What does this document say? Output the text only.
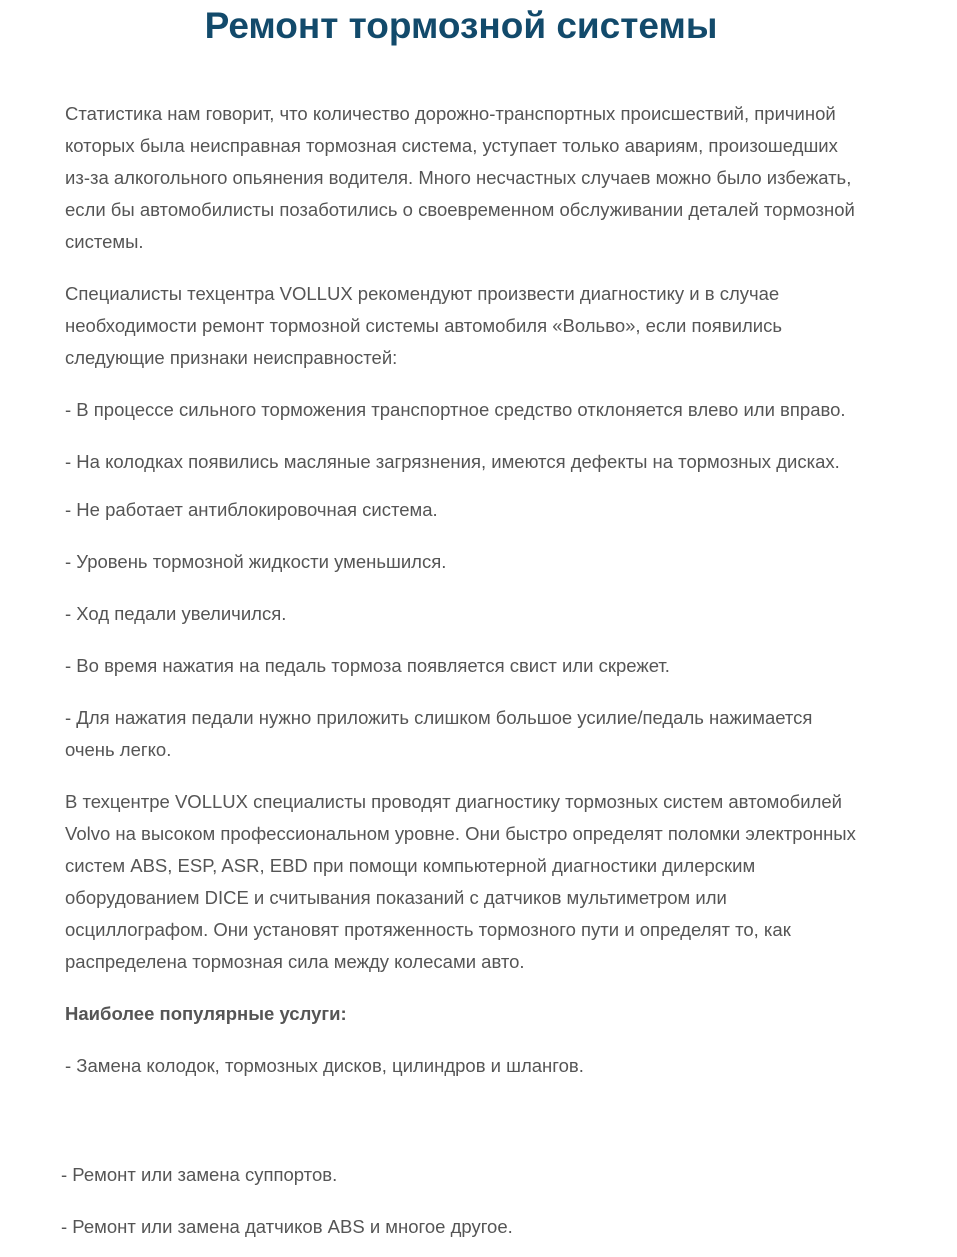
Ремонт тормозной системы

Статистика нам говорит, что количество дорожно-транспортных происшествий, причиной которых была неисправная тормозная система, уступает только авариям, произошедших из-за алкогольного опьянения водителя. Много несчастных случаев можно было избежать, если бы автомобилисты позаботились о своевременном обслуживании деталей тормозной системы.

Специалисты техцентра VOLLUX рекомендуют произвести диагностику и в случае необходимости ремонт тормозной системы автомобиля «Вольво», если появились следующие признаки неисправностей:

- В процессе сильного торможения транспортное средство отклоняется влево или вправо.

- На колодках появились масляные загрязнения, имеются дефекты на тормозных дисках.

- Не работает антиблокировочная система.

- Уровень тормозной жидкости уменьшился.

- Ход педали увеличился.

- Во время нажатия на педаль тормоза появляется свист или скрежет.

- Для нажатия педали нужно приложить слишком большое усилие/педаль нажимается очень легко.

В техцентре VOLLUX специалисты проводят диагностику тормозных систем автомобилей Volvo на высоком профессиональном уровне. Они быстро определят поломки электронных систем ABS, ESP, ASR, EBD при помощи компьютерной диагностики дилерским оборудованием DICE и считывания показаний с датчиков мультиметром или осциллографом. Они установят протяженность тормозного пути и определят то, как распределена тормозная сила между колесами авто.

Наиболее популярные услуги:

- Замена колодок, тормозных дисков, цилиндров и шлангов.

- Ремонт или замена суппортов.

- Ремонт или замена датчиков ABS и многое другое.
